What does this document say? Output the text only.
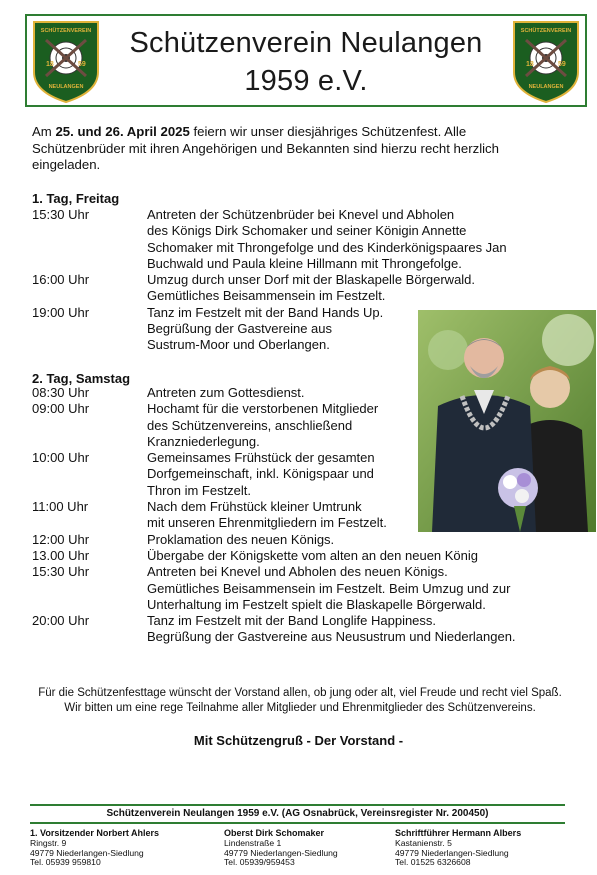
SCHÜTZENVEREIN
18	59
NEULANGEN
Schützenverein Neulangen
1959 e.V.
SCHÜTZENVEREIN
18	59
NEULANGEN
Am 25. und 26. April 2025 feiern wir unser diesjähriges Schützenfest. Alle Schützenbrüder mit ihren Angehörigen und Bekannten sind hierzu recht herzlich eingeladen.
1. Tag, Freitag
15:30 Uhr	Antreten der Schützenbrüder bei Knevel und Abholen
des Königs Dirk Schomaker und seiner Königin Annette
Schomaker mit Throngefolge und des Kinderkönigspaares Jan
Buchwald und Paula kleine Hillmann mit Throngefolge.
16:00 Uhr	Umzug durch unser Dorf mit der Blaskapelle Börgerwald.
Gemütliches Beisammensein im Festzelt.
19:00 Uhr	Tanz im Festzelt mit der Band Hands Up.
Begrüßung der Gastvereine aus
Sustrum-Moor und Oberlangen.
2. Tag, Samstag
08:30 Uhr	Antreten zum Gottesdienst.
09:00 Uhr	Hochamt für die verstorbenen Mitglieder
des Schützenvereins, anschließend
Kranzniederlegung.
10:00 Uhr	Gemeinsames Frühstück der gesamten
Dorfgemeinschaft, inkl. Königspaar und
Thron im Festzelt.
11:00 Uhr	Nach dem Frühstück kleiner Umtrunk
mit unseren Ehrenmitgliedern im Festzelt.
12:00 Uhr	Proklamation des neuen Königs.
13.00 Uhr	Übergabe der Königskette vom alten an den neuen König
15:30 Uhr	Antreten bei Knevel und Abholen des neuen Königs.
Gemütliches Beisammensein im Festzelt. Beim Umzug und zur
Unterhaltung im Festzelt spielt die Blaskapelle Börgerwald.
20:00 Uhr	Tanz im Festzelt mit der Band Longlife Happiness.
Begrüßung der Gastvereine aus Neusustrum und Niederlangen.
Für die Schützenfesttage wünscht der Vorstand allen, ob jung oder alt, viel Freude und recht viel Spaß. Wir bitten um eine rege Teilnahme aller Mitglieder und Ehrenmitglieder des Schützenvereins.
Mit Schützengruß - Der Vorstand -
Schützenverein Neulangen 1959 e.V. (AG Osnabrück, Vereinsregister Nr. 200450)
1. Vorsitzender Norbert Ahlers
Ringstr. 9
49779 Niederlangen-Siedlung
Tel. 05939 959810
Oberst Dirk Schomaker
Lindenstraße 1
49779 Niederlangen-Siedlung
Tel. 05939/959453
Schriftführer Hermann Albers
Kastanienstr. 5
49779 Niederlangen-Siedlung
Tel. 01525 6326608
